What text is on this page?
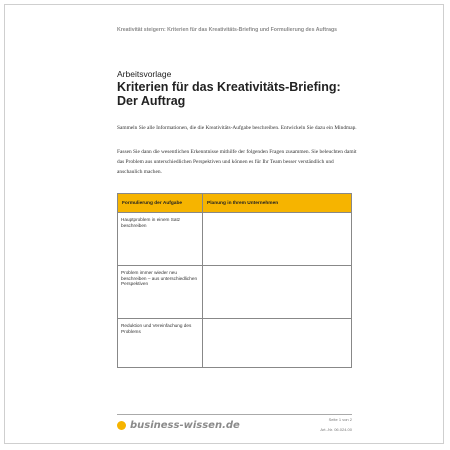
Kreativität steigern: Kriterien für das Kreativitäts-Briefing und Formulierung des Auftrags
Arbeitsvorlage
Kriterien für das Kreativitäts-Briefing: Der Auftrag
Sammeln Sie alle Informationen, die die Kreativitäts-Aufgabe beschreiben. Entwickeln Sie dazu ein Mindmap.
Fassen Sie dann die wesentlichen Erkenntnisse mithilfe der folgenden Fragen zusammen. Sie beleuchten damit das Problem aus unterschiedlichen Perspektiven und können es für Ihr Team besser verständlich und anschaulich machen.
Formulierung der Aufgabe	Planung in Ihrem Unternehmen
Hauptproblem in einem Satz beschreiben	
Problem immer wieder neu beschreiben – aus unterschiedlichen Perspektiven	
Reduktion und Vereinfachung des Problems	
business-wissen.de
Seite 1 von 2
Art.-Nr. 06.024.00
